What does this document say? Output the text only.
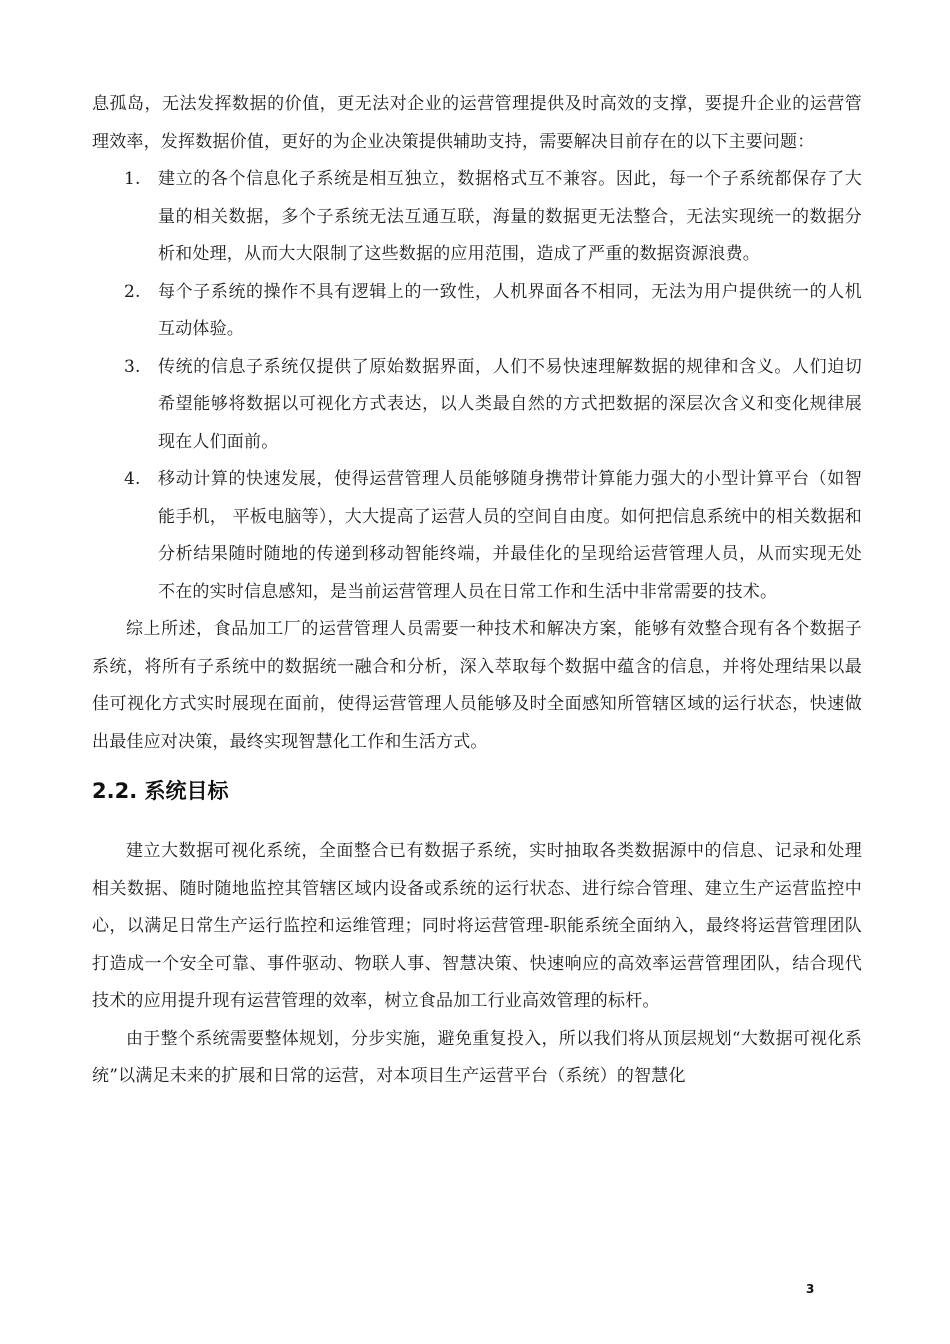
息孤岛，无法发挥数据的价值，更无法对企业的运营管理提供及时高效的支撑，要提升企业的运营管理效率，发挥数据价值，更好的为企业决策提供辅助支持，需要解决目前存在的以下主要问题：

1. 建立的各个信息化子系统是相互独立，数据格式互不兼容。因此，每一个子系统都保存了大量的相关数据，多个子系统无法互通互联，海量的数据更无法整合，无法实现统一的数据分析和处理，从而大大限制了这些数据的应用范围，造成了严重的数据资源浪费。
2. 每个子系统的操作不具有逻辑上的一致性，人机界面各不相同，无法为用户提供统一的人机互动体验。
3. 传统的信息子系统仅提供了原始数据界面，人们不易快速理解数据的规律和含义。人们迫切希望能够将数据以可视化方式表达，以人类最自然的方式把数据的深层次含义和变化规律展现在人们面前。
4. 移动计算的快速发展，使得运营管理人员能够随身携带计算能力强大的小型计算平台（如智能手机， 平板电脑等），大大提高了运营人员的空间自由度。如何把信息系统中的相关数据和分析结果随时随地的传递到移动智能终端，并最佳化的呈现给运营管理人员，从而实现无处不在的实时信息感知，是当前运营管理人员在日常工作和生活中非常需要的技术。

综上所述，食品加工厂的运营管理人员需要一种技术和解决方案，能够有效整合现有各个数据子系统，将所有子系统中的数据统一融合和分析，深入萃取每个数据中蕴含的信息，并将处理结果以最佳可视化方式实时展现在面前，使得运营管理人员能够及时全面感知所管辖区域的运行状态，快速做出最佳应对决策，最终实现智慧化工作和生活方式。

2.2. 系统目标

建立大数据可视化系统，全面整合已有数据子系统，实时抽取各类数据源中的信息、记录和处理相关数据、随时随地监控其管辖区域内设备或系统的运行状态、进行综合管理、建立生产运营监控中心，以满足日常生产运行监控和运维管理；同时将运营管理-职能系统全面纳入，最终将运营管理团队打造成一个安全可靠、事件驱动、物联人事、智慧决策、快速响应的高效率运营管理团队，结合现代技术的应用提升现有运营管理的效率，树立食品加工行业高效管理的标杆。

由于整个系统需要整体规划，分步实施，避免重复投入，所以我们将从顶层规划“大数据可视化系统”以满足未来的扩展和日常的运营，对本项目生产运营平台（系统）的智慧化

3
